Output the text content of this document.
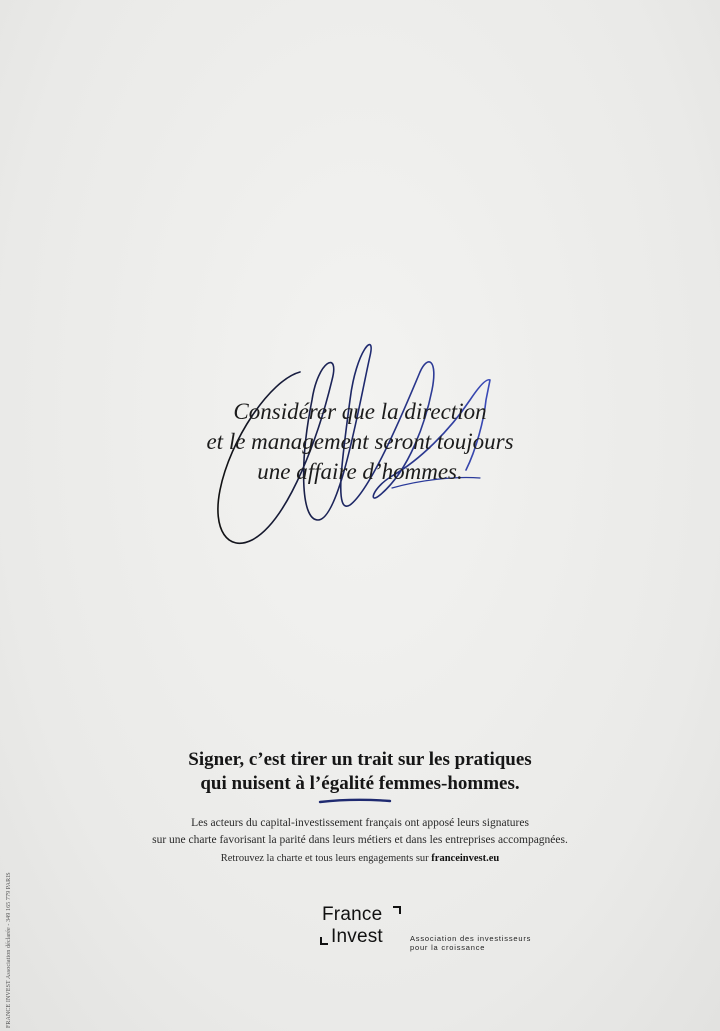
Considérer que la direction
et le management seront toujours
une affaire d’hommes.
Signer, c’est tirer un trait sur les pratiques
qui nuisent à l’égalité femmes-hommes.
Les acteurs du capital-investissement français ont apposé leurs signatures
sur une charte favorisant la parité dans leurs métiers et dans les entreprises accompagnées.
Retrouvez la charte et tous leurs engagements sur franceinvest.eu
France
Invest	Association des investisseurs
pour la croissance
FRANCE INVEST Association déclarée - 349 165 779 PARIS
